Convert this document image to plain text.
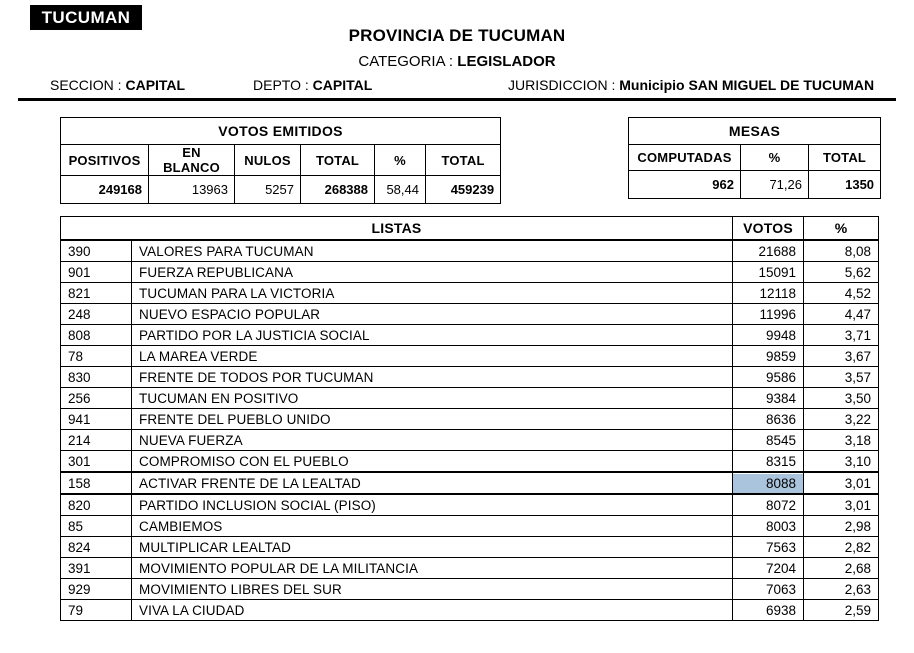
TUCUMAN
PROVINCIA DE TUCUMAN
CATEGORIA : LEGISLADOR
SECCION : CAPITAL	DEPTO : CAPITAL	JURISDICCION : Municipio SAN MIGUEL DE TUCUMAN
VOTOS EMITIDOS					
POSITIVOS	EN BLANCO	NULOS	TOTAL	%	TOTAL
249168	13963	5257	268388	58,44	459239
MESAS		
COMPUTADAS	%	TOTAL
962	71,26	1350
LISTAS		VOTOS	%
390	VALORES PARA TUCUMAN	21688	8,08
901	FUERZA REPUBLICANA	15091	5,62
821	TUCUMAN PARA LA VICTORIA	12118	4,52
248	NUEVO ESPACIO POPULAR	11996	4,47
808	PARTIDO POR LA JUSTICIA SOCIAL	9948	3,71
78	LA MAREA VERDE	9859	3,67
830	FRENTE DE TODOS POR TUCUMAN	9586	3,57
256	TUCUMAN EN POSITIVO	9384	3,50
941	FRENTE DEL PUEBLO UNIDO	8636	3,22
214	NUEVA FUERZA	8545	3,18
301	COMPROMISO CON EL PUEBLO	8315	3,10
158	ACTIVAR FRENTE DE LA LEALTAD	8088	3,01
820	PARTIDO INCLUSION SOCIAL (PISO)	8072	3,01
85	CAMBIEMOS	8003	2,98
824	MULTIPLICAR LEALTAD	7563	2,82
391	MOVIMIENTO POPULAR DE LA MILITANCIA	7204	2,68
929	MOVIMIENTO LIBRES DEL SUR	7063	2,63
79	VIVA LA CIUDAD	6938	2,59
